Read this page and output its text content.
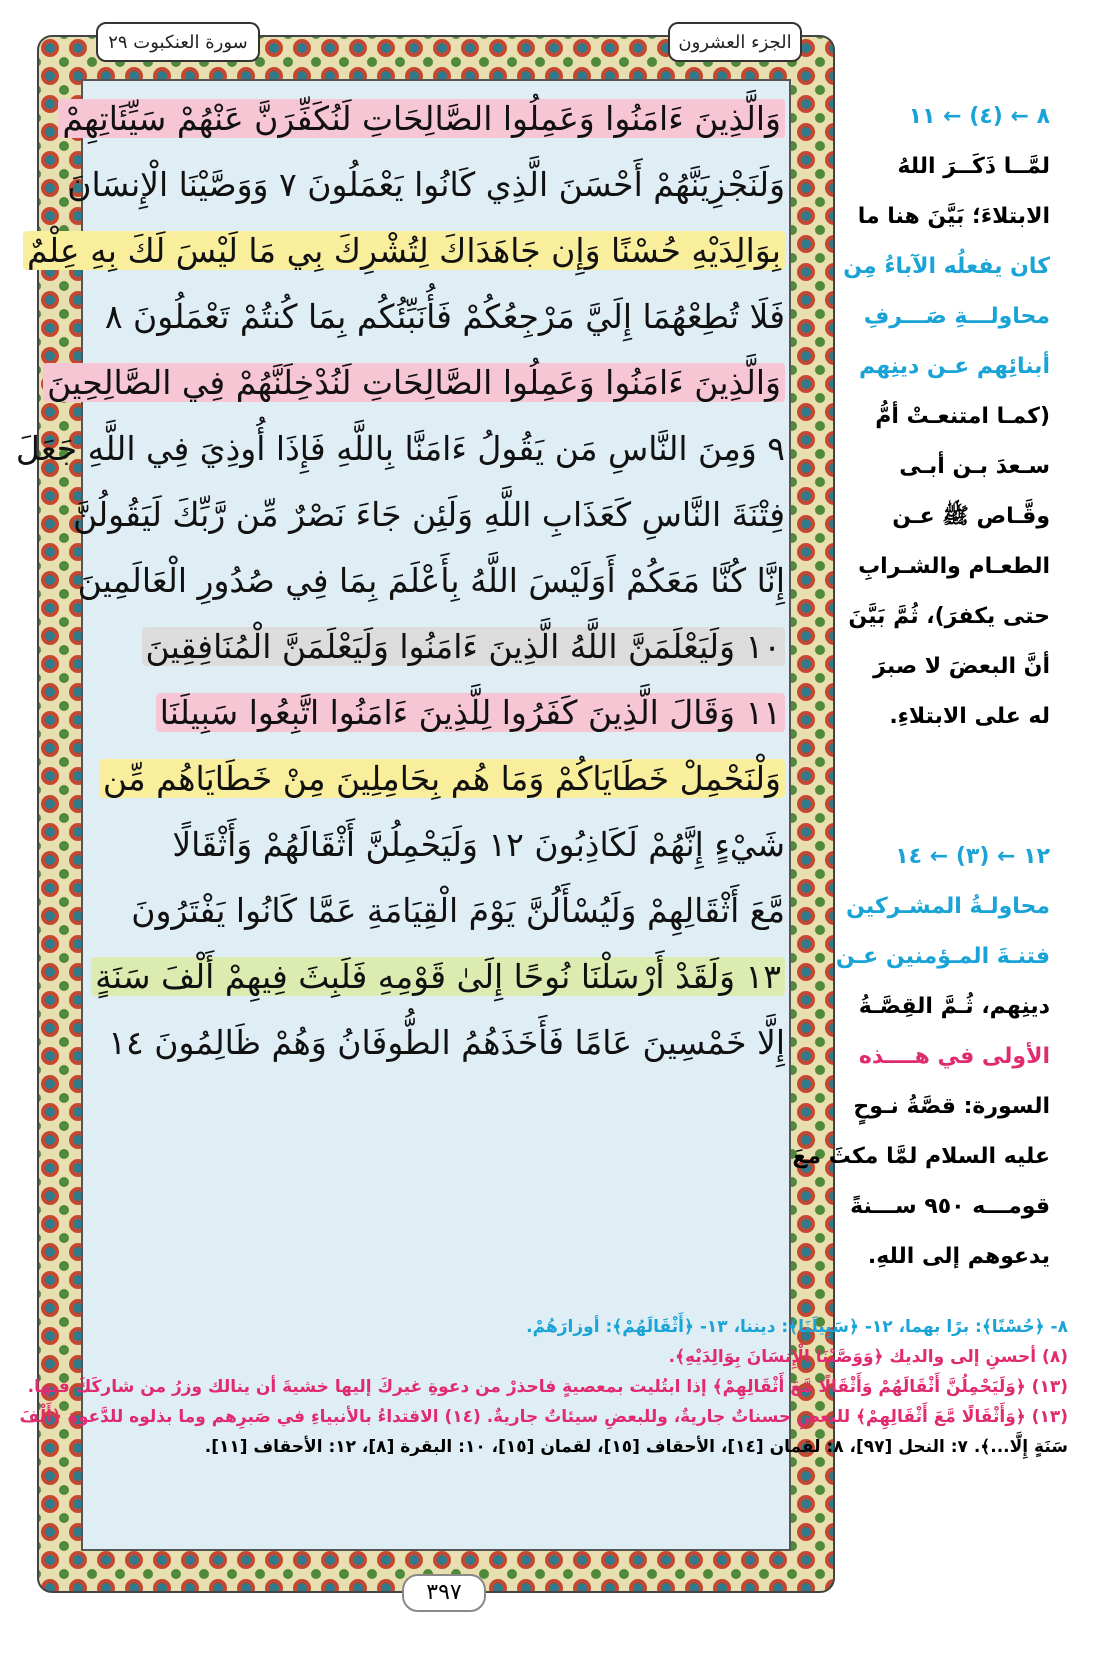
سورة العنكبوت ٢٩	الجزء العشرون
وَالَّذِينَ ءَامَنُوا وَعَمِلُوا الصَّالِحَاتِ لَنُكَفِّرَنَّ عَنْهُمْ سَيِّئَاتِهِمْ
وَلَنَجْزِيَنَّهُمْ أَحْسَنَ الَّذِي كَانُوا يَعْمَلُونَ ٧ وَوَصَّيْنَا الْإِنسَانَ
بِوَالِدَيْهِ حُسْنًا وَإِن جَاهَدَاكَ لِتُشْرِكَ بِي مَا لَيْسَ لَكَ بِهِ عِلْمٌ
فَلَا تُطِعْهُمَا إِلَيَّ مَرْجِعُكُمْ فَأُنَبِّئُكُم بِمَا كُنتُمْ تَعْمَلُونَ ٨
وَالَّذِينَ ءَامَنُوا وَعَمِلُوا الصَّالِحَاتِ لَنُدْخِلَنَّهُمْ فِي الصَّالِحِينَ
٩ وَمِنَ النَّاسِ مَن يَقُولُ ءَامَنَّا بِاللَّهِ فَإِذَا أُوذِيَ فِي اللَّهِ جَعَلَ
فِتْنَةَ النَّاسِ كَعَذَابِ اللَّهِ وَلَئِن جَاءَ نَصْرٌ مِّن رَّبِّكَ لَيَقُولُنَّ
إِنَّا كُنَّا مَعَكُمْ أَوَلَيْسَ اللَّهُ بِأَعْلَمَ بِمَا فِي صُدُورِ الْعَالَمِينَ
١٠ وَلَيَعْلَمَنَّ اللَّهُ الَّذِينَ ءَامَنُوا وَلَيَعْلَمَنَّ الْمُنَافِقِينَ
١١ وَقَالَ الَّذِينَ كَفَرُوا لِلَّذِينَ ءَامَنُوا اتَّبِعُوا سَبِيلَنَا
وَلْنَحْمِلْ خَطَايَاكُمْ وَمَا هُم بِحَامِلِينَ مِنْ خَطَايَاهُم مِّن
شَيْءٍ إِنَّهُمْ لَكَاذِبُونَ ١٢ وَلَيَحْمِلُنَّ أَثْقَالَهُمْ وَأَثْقَالًا
مَّعَ أَثْقَالِهِمْ وَلَيُسْأَلُنَّ يَوْمَ الْقِيَامَةِ عَمَّا كَانُوا يَفْتَرُونَ
١٣ وَلَقَدْ أَرْسَلْنَا نُوحًا إِلَىٰ قَوْمِهِ فَلَبِثَ فِيهِمْ أَلْفَ سَنَةٍ
إِلَّا خَمْسِينَ عَامًا فَأَخَذَهُمُ الطُّوفَانُ وَهُمْ ظَالِمُونَ ١٤
٣٩٧
٨ ← (٤) ← ١١
لمَّــا ذَكَــرَ اللهُ
الابتلاءَ؛ بَيَّنَ هنا ما
كان يفعلُه الآباءُ مِن
محاولـــةِ صَـــرفِ
أبنائِهم عـن دينِهم
(كمـا امتنعـتْ أمُّ
سـعدَ بـن أبـى
وقَّـاص ﷺ عـن
الطعـام والشـرابِ
حتى يكفرَ)، ثُمَّ بَيَّنَ
أنَّ البعضَ لا صبرَ
له على الابتلاءِ.
١٢ ← (٣) ← ١٤
محاولـةُ المشـركين
فتنـةَ المـؤمنين عـن
دينِهم، ثُـمَّ القِصَّـةُ
الأولى في هــــذه
السورة: قصَّةُ نـوحٍ
عليه السلام لمَّا مكثَ معَ
قومـــه ٩٥٠ ســـنةً
يدعوهم إلى اللهِ.
٨- ﴿حُسْنًا﴾: برًا بهما، ١٢- ﴿سَبِيلَنَا﴾: ديننا، ١٣- ﴿أَثْقَالَهُمْ﴾: أوزارَهُمْ.
(٨) أحسنِ إلى والديك ﴿وَوَصَّيْنَا الْإِنسَانَ بِوَالِدَيْهِ﴾.
(١٣) ﴿وَلَيَحْمِلُنَّ أَثْقَالَهُمْ وَأَثْقَالًا مَّعَ أَثْقَالِهِمْ﴾ إذا ابتُليت بمعصيةٍ فاحذرْ من دعوةِ غيركَ إليها خشيةَ أن ينالك وزرُ من شاركَكَ فيها.
(١٣) ﴿وَأَثْقَالًا مَّعَ أَثْقَالِهِمْ﴾ للبعضِ حسناتٌ جاريةٌ، وللبعضِ سيئاتٌ جاريةٌ. (١٤) الاقتداءُ بالأنبياءِ في صَبرِهم وما بذلوه للدَّعوةِ ﴿أَلْفَ
سَنَةٍ إِلَّا...﴾. ٧: النحل [٩٧]، ٨: لقمان [١٤]، الأحقاف [١٥]، لقمان [١٥]، ١٠: البقرة [٨]، ١٢: الأحقاف [١١].
